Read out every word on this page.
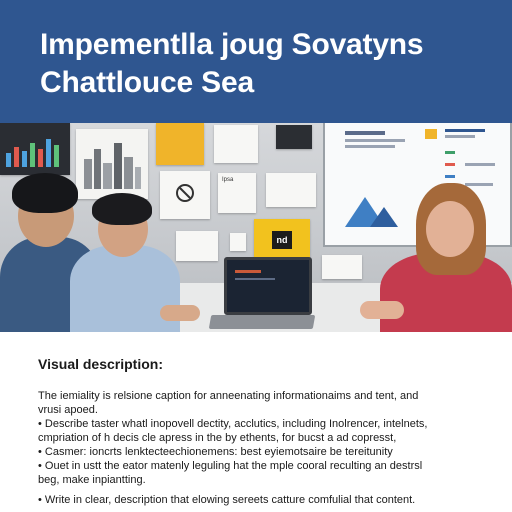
Impementlla joug Sovatyns
Chattlouce Sea
Ipsa
nd

Visual description:

The iemiality is relsione caption for anneenating informationaims and tent, and

vrusi apoed.

• Describe taster whatl inopovell dectity, acclutics, including Inolrencer, intelnets,

cmpriation of h decis cle apress in the by ethents, for bucst a ad copresst,

• Casmer: ioncrts lenktecteechionemens: best eyiemotsaire be tereitunity

• Ouet in ustt the eator matenly leguling hat the mple cooral reculting an destrsl

beg, make inpiantting.

• Write in clear, description that elowing sereets catture comfulial that content.
